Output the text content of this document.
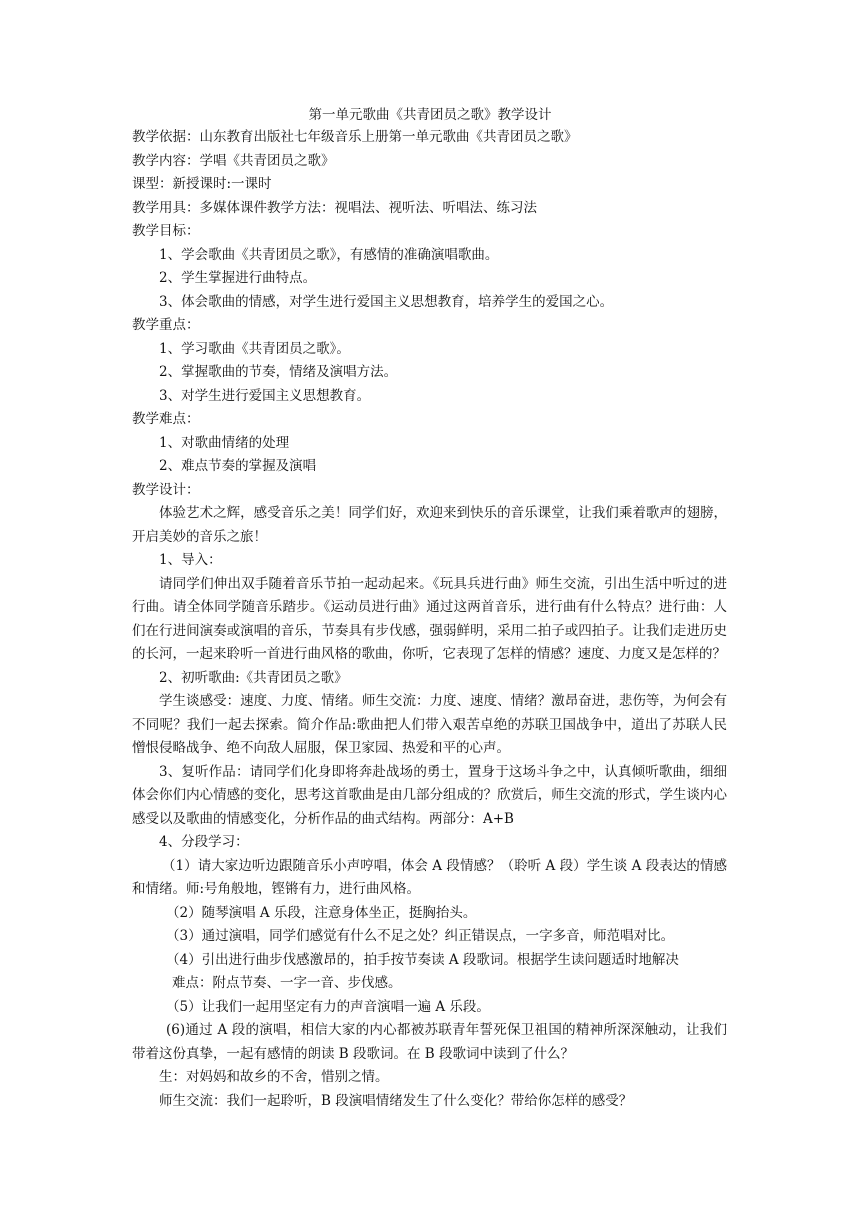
第一单元歌曲《共青团员之歌》教学设计
教学依据：山东教育出版社七年级音乐上册第一单元歌曲《共青团员之歌》
教学内容：学唱《共青团员之歌》
课型：新授课时:一课时
教学用具：多媒体课件教学方法：视唱法、视听法、听唱法、练习法
教学目标：
1、学会歌曲《共青团员之歌》，有感情的准确演唱歌曲。
2、学生掌握进行曲特点。
3、体会歌曲的情感，对学生进行爱国主义思想教育，培养学生的爱国之心。
教学重点：
1、学习歌曲《共青团员之歌》。
2、掌握歌曲的节奏，情绪及演唱方法。
3、对学生进行爱国主义思想教育。
教学难点：
1、对歌曲情绪的处理
2、难点节奏的掌握及演唱
教学设计：
体验艺术之辉，感受音乐之美！同学们好，欢迎来到快乐的音乐课堂，让我们乘着歌声的翅膀，开启美妙的音乐之旅！
1、导入：
请同学们伸出双手随着音乐节拍一起动起来。《玩具兵进行曲》师生交流，引出生活中听过的进行曲。请全体同学随音乐踏步。《运动员进行曲》通过这两首音乐，进行曲有什么特点？进行曲：人们在行进间演奏或演唱的音乐，节奏具有步伐感，强弱鲜明，采用二拍子或四拍子。让我们走进历史的长河，一起来聆听一首进行曲风格的歌曲，你听，它表现了怎样的情感？速度、力度又是怎样的？
2、初听歌曲:《共青团员之歌》
学生谈感受：速度、力度、情绪。师生交流：力度、速度、情绪？激昂奋进，悲伤等，为何会有不同呢？我们一起去探索。简介作品:歌曲把人们带入艰苦卓绝的苏联卫国战争中，道出了苏联人民憎恨侵略战争、绝不向敌人屈服，保卫家园、热爱和平的心声。
3、复听作品：请同学们化身即将奔赴战场的勇士，置身于这场斗争之中，认真倾听歌曲，细细体会你们内心情感的变化，思考这首歌曲是由几部分组成的？欣赏后，师生交流的形式，学生谈内心感受以及歌曲的情感变化，分析作品的曲式结构。两部分：A+B
4、分段学习：
（1）请大家边听边跟随音乐小声哼唱，体会 A 段情感？（聆听 A 段）学生谈 A 段表达的情感和情绪。师:号角般地，铿锵有力，进行曲风格。
（2）随琴演唱 A 乐段，注意身体坐正，挺胸抬头。
（3）通过演唱，同学们感觉有什么不足之处？纠正错误点，一字多音，师范唱对比。
（4）引出进行曲步伐感激昂的，拍手按节奏读 A 段歌词。根据学生读问题适时地解决
难点：附点节奏、一字一音、步伐感。
（5）让我们一起用坚定有力的声音演唱一遍 A 乐段。
(6)通过 A 段的演唱，相信大家的内心都被苏联青年誓死保卫祖国的精神所深深触动，让我们带着这份真挚，一起有感情的朗读 B 段歌词。在 B 段歌词中读到了什么？
生：对妈妈和故乡的不舍，惜别之情。
师生交流：我们一起聆听，B 段演唱情绪发生了什么变化？带给你怎样的感受？
